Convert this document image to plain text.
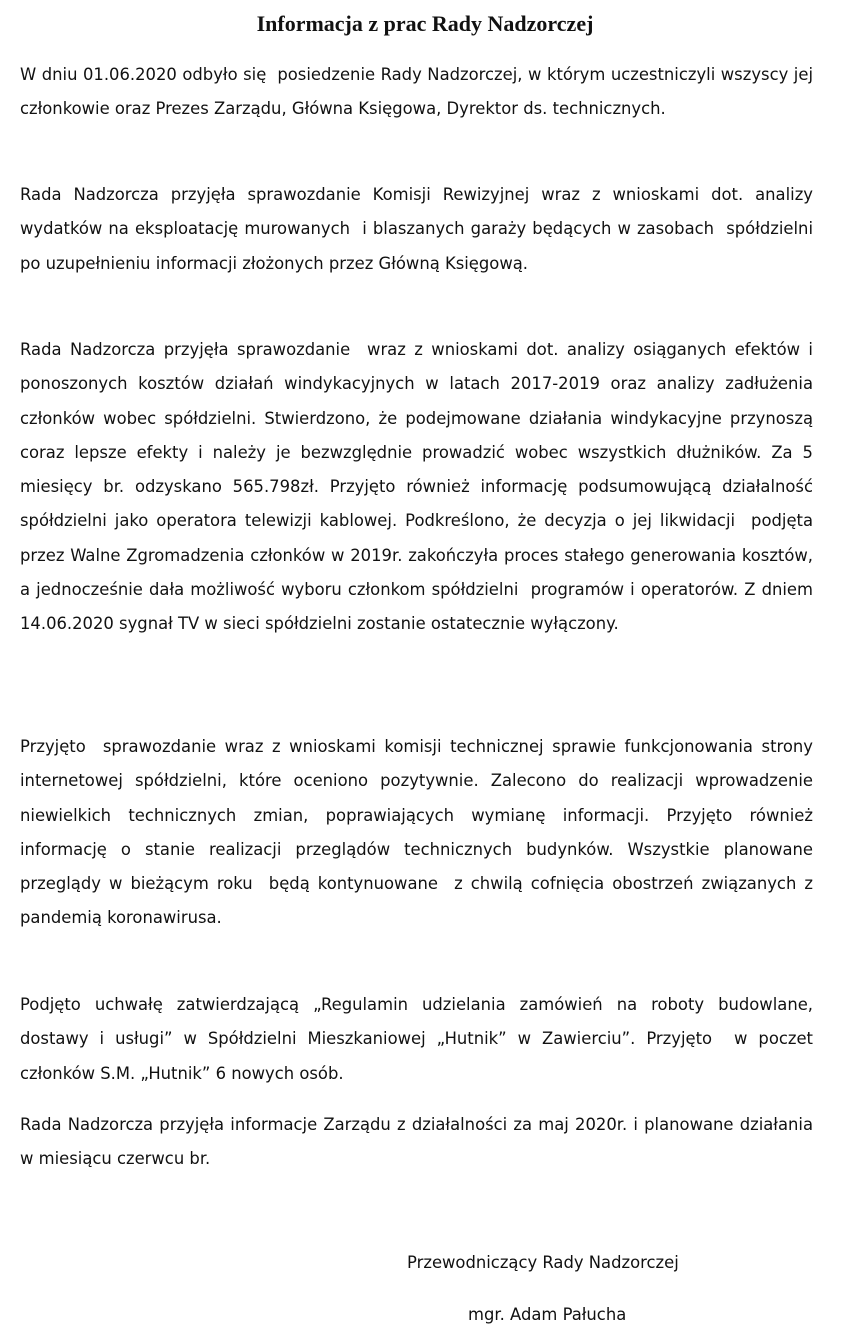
Informacja z prac Rady Nadzorczej

W dniu 01.06.2020 odbyło się  posiedzenie Rady Nadzorczej, w którym uczestniczyli wszyscy jej członkowie oraz Prezes Zarządu, Główna Księgowa, Dyrektor ds. technicznych.

Rada Nadzorcza przyjęła sprawozdanie Komisji Rewizyjnej wraz z wnioskami dot. analizy  wydatków na eksploatację murowanych  i blaszanych garaży będących w zasobach  spółdzielni po uzupełnieniu informacji złożonych przez Główną Księgową.

Rada Nadzorcza przyjęła sprawozdanie  wraz z wnioskami dot. analizy osiąganych efektów i ponoszonych kosztów działań windykacyjnych w latach 2017-2019 oraz analizy zadłużenia członków wobec spółdzielni. Stwierdzono, że podejmowane działania windykacyjne przynoszą  coraz lepsze efekty i należy je bezwzględnie prowadzić wobec wszystkich dłużników. Za 5 miesięcy br. odzyskano 565.798zł. Przyjęto również informację podsumowującą działalność spółdzielni jako operatora telewizji kablowej. Podkreślono, że decyzja o jej likwidacji  podjęta  przez Walne Zgromadzenia członków w 2019r. zakończyła proces stałego generowania kosztów, a jednocześnie dała możliwość wyboru członkom spółdzielni  programów i operatorów. Z dniem 14.06.2020 sygnał TV w sieci spółdzielni zostanie ostatecznie wyłączony.

Przyjęto  sprawozdanie wraz z wnioskami komisji technicznej sprawie funkcjonowania strony internetowej spółdzielni, które oceniono pozytywnie. Zalecono do realizacji wprowadzenie niewielkich technicznych zmian, poprawiających wymianę informacji. Przyjęto również informację o stanie realizacji przeglądów technicznych budynków. Wszystkie planowane przeglądy w bieżącym roku  będą kontynuowane  z chwilą cofnięcia obostrzeń związanych z pandemią koronawirusa.

Podjęto uchwałę zatwierdzającą „Regulamin udzielania zamówień na roboty budowlane, dostawy i usługi” w Spółdzielni Mieszkaniowej „Hutnik” w Zawierciu”. Przyjęto  w poczet członków S.M. „Hutnik” 6 nowych osób.

Rada Nadzorcza przyjęła informacje Zarządu z działalności za maj 2020r. i planowane działania w miesiącu czerwcu br.

Przewodniczący Rady Nadzorczej

mgr. Adam Pałucha
